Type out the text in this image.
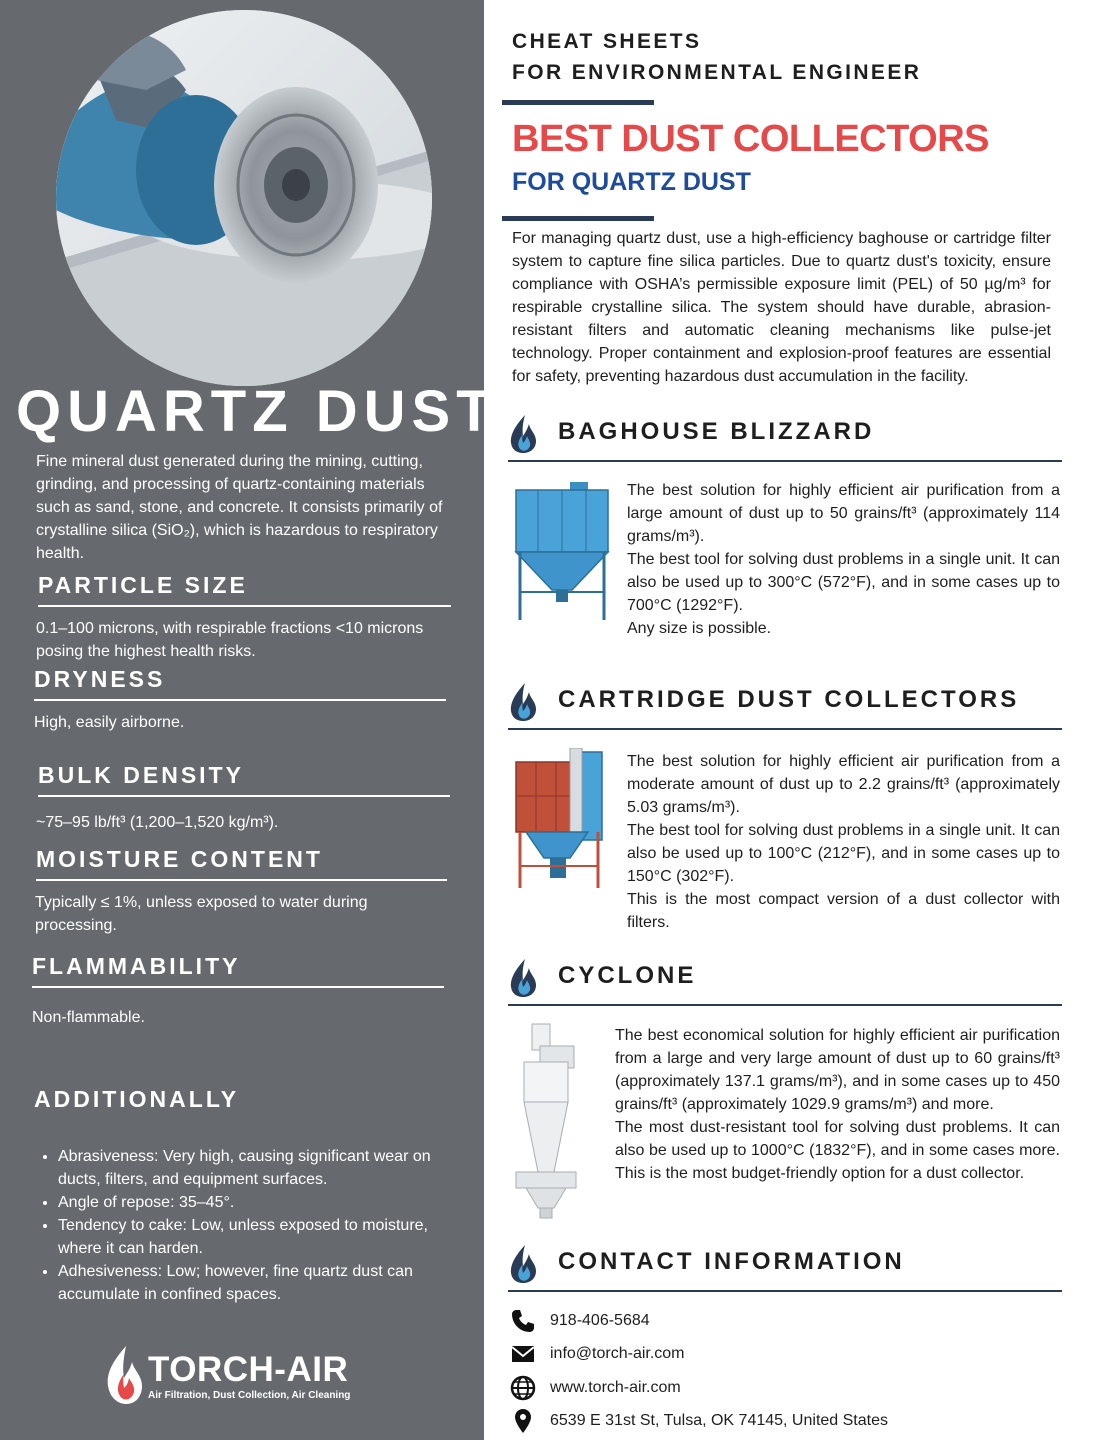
QUARTZ DUST
Fine mineral dust generated during the mining, cutting, grinding, and processing of quartz-containing materials such as sand, stone, and concrete. It consists primarily of crystalline silica (SiO₂), which is hazardous to respiratory health.
PARTICLE SIZE

0.1–100 microns, with respirable fractions <10 microns posing the highest health risks.

DRYNESS

High, easily airborne.

BULK DENSITY

~75–95 lb/ft³ (1,200–1,520 kg/m³).

MOISTURE CONTENT

Typically ≤ 1%, unless exposed to water during processing.

FLAMMABILITY

Non-flammable.

ADDITIONALLY
• Abrasiveness: Very high, causing significant wear on ducts, filters, and equipment surfaces.
• Angle of repose: 35–45°.
• Tendency to cake: Low, unless exposed to moisture, where it can harden.
• Adhesiveness: Low; however, fine quartz dust can accumulate in confined spaces.
TORCH-AIR
Air Filtration, Dust Collection, Air Cleaning
CHEAT SHEETS
FOR ENVIRONMENTAL ENGINEER
BEST DUST COLLECTORS
FOR QUARTZ DUST
For managing quartz dust, use a high-efficiency baghouse or cartridge filter system to capture fine silica particles. Due to quartz dust's toxicity, ensure compliance with OSHA’s permissible exposure limit (PEL) of 50 µg/m³ for respirable crystalline silica. The system should have durable, abrasion-resistant filters and automatic cleaning mechanisms like pulse-jet technology. Proper containment and explosion-proof features are essential for safety, preventing hazardous dust accumulation in the facility.
BAGHOUSE BLIZZARD

The best solution for highly efficient air purification from a large amount of dust up to 50 grains/ft³ (approximately 114 grams/m³).

The best tool for solving dust problems in a single unit. It can also be used up to 300°C (572°F), and in some cases up to 700°C (1292°F).

Any size is possible.

CARTRIDGE DUST COLLECTORS

The best solution for highly efficient air purification from a moderate amount of dust up to 2.2 grains/ft³ (approximately 5.03 grams/m³).

The best tool for solving dust problems in a single unit. It can also be used up to 100°C (212°F), and in some cases up to 150°C (302°F).

This is the most compact version of a dust collector with filters.

CYCLONE

The best economical solution for highly efficient air purification from a large and very large amount of dust up to 60 grains/ft³ (approximately 137.1 grams/m³), and in some cases up to 450 grains/ft³ (approximately 1029.9 grams/m³) and more.

The most dust-resistant tool for solving dust problems. It can also be used up to 1000°C (1832°F), and in some cases more. This is the most budget-friendly option for a dust collector.

CONTACT INFORMATION
918-406-5684
info@torch-air.com
www.torch-air.com
6539 E 31st St, Tulsa, OK 74145, United States
